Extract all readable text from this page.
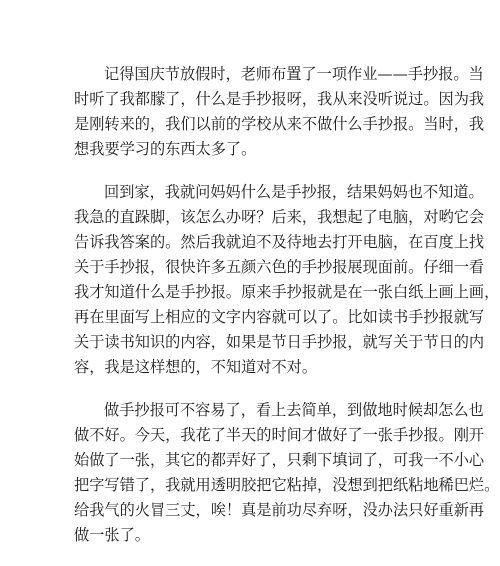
记得国庆节放假时，老师布置了一项作业——手抄报。当
时听了我都朦了，什么是手抄报呀，我从来没听说过。因为我
是刚转来的，我们以前的学校从来不做什么手抄报。当时，我
想我要学习的东西太多了。

回到家，我就问妈妈什么是手抄报，结果妈妈也不知道。
我急的直跺脚，该怎么办呀？后来，我想起了电脑，对哟它会
告诉我答案的。然后我就迫不及待地去打开电脑，在百度上找
关于手抄报，很快许多五颜六色的手抄报展现面前。仔细一看
我才知道什么是手抄报。原来手抄报就是在一张白纸上画上画，
再在里面写上相应的文字内容就可以了。比如读书手抄报就写
关于读书知识的内容，如果是节日手抄报，就写关于节日的内
容，我是这样想的，不知道对不对。

做手抄报可不容易了，看上去简单，到做地时候却怎么也
做不好。今天，我花了半天的时间才做好了一张手抄报。刚开
始做了一张，其它的都弄好了，只剩下填词了，可我一不小心
把字写错了，我就用透明胶把它粘掉，没想到把纸粘地稀巴烂。
给我气的火冒三丈，唉！真是前功尽弃呀，没办法只好重新再
做一张了。
